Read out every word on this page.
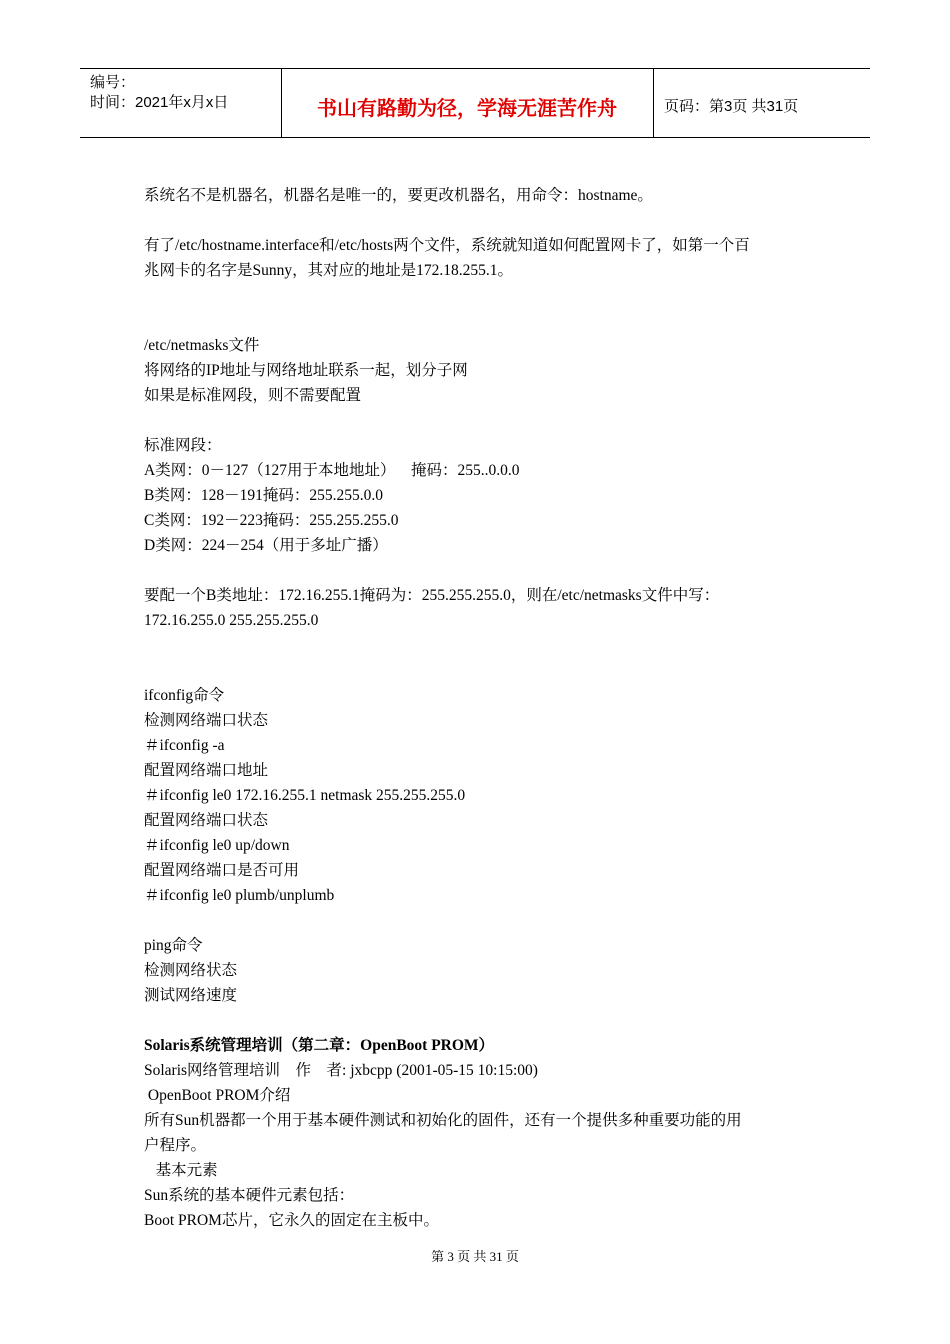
编号：
时间：2021年x月x日	书山有路勤为径，学海无涯苦作舟	页码：第3页 共31页
系统名不是机器名，机器名是唯一的，要更改机器名，用命令：hostname。
有了/etc/hostname.interface和/etc/hosts两个文件，系统就知道如何配置网卡了，如第一个百
兆网卡的名字是Sunny，其对应的地址是172.18.255.1。
/etc/netmasks文件
将网络的IP地址与网络地址联系一起，划分子网
如果是标准网段，则不需要配置
标准网段：
A类网：0－127（127用于本地地址）    掩码：255..0.0.0
B类网：128－191掩码：255.255.0.0
C类网：192－223掩码：255.255.255.0
D类网：224－254（用于多址广播）
要配一个B类地址：172.16.255.1掩码为：255.255.255.0，则在/etc/netmasks文件中写：
172.16.255.0 255.255.255.0
ifconfig命令
检测网络端口状态
＃ifconfig -a
配置网络端口地址
＃ifconfig le0 172.16.255.1 netmask 255.255.255.0
配置网络端口状态
＃ifconfig le0 up/down
配置网络端口是否可用
＃ifconfig le0 plumb/unplumb
ping命令
检测网络状态
测试网络速度
Solaris系统管理培训（第二章：OpenBoot PROM）
Solaris网络管理培训    作    者: jxbcpp (2001-05-15 10:15:00)
OpenBoot PROM介绍
所有Sun机器都一个用于基本硬件测试和初始化的固件，还有一个提供多种重要功能的用
户程序。
基本元素
Sun系统的基本硬件元素包括：
Boot PROM芯片，它永久的固定在主板中。
第 3 页 共 31 页
